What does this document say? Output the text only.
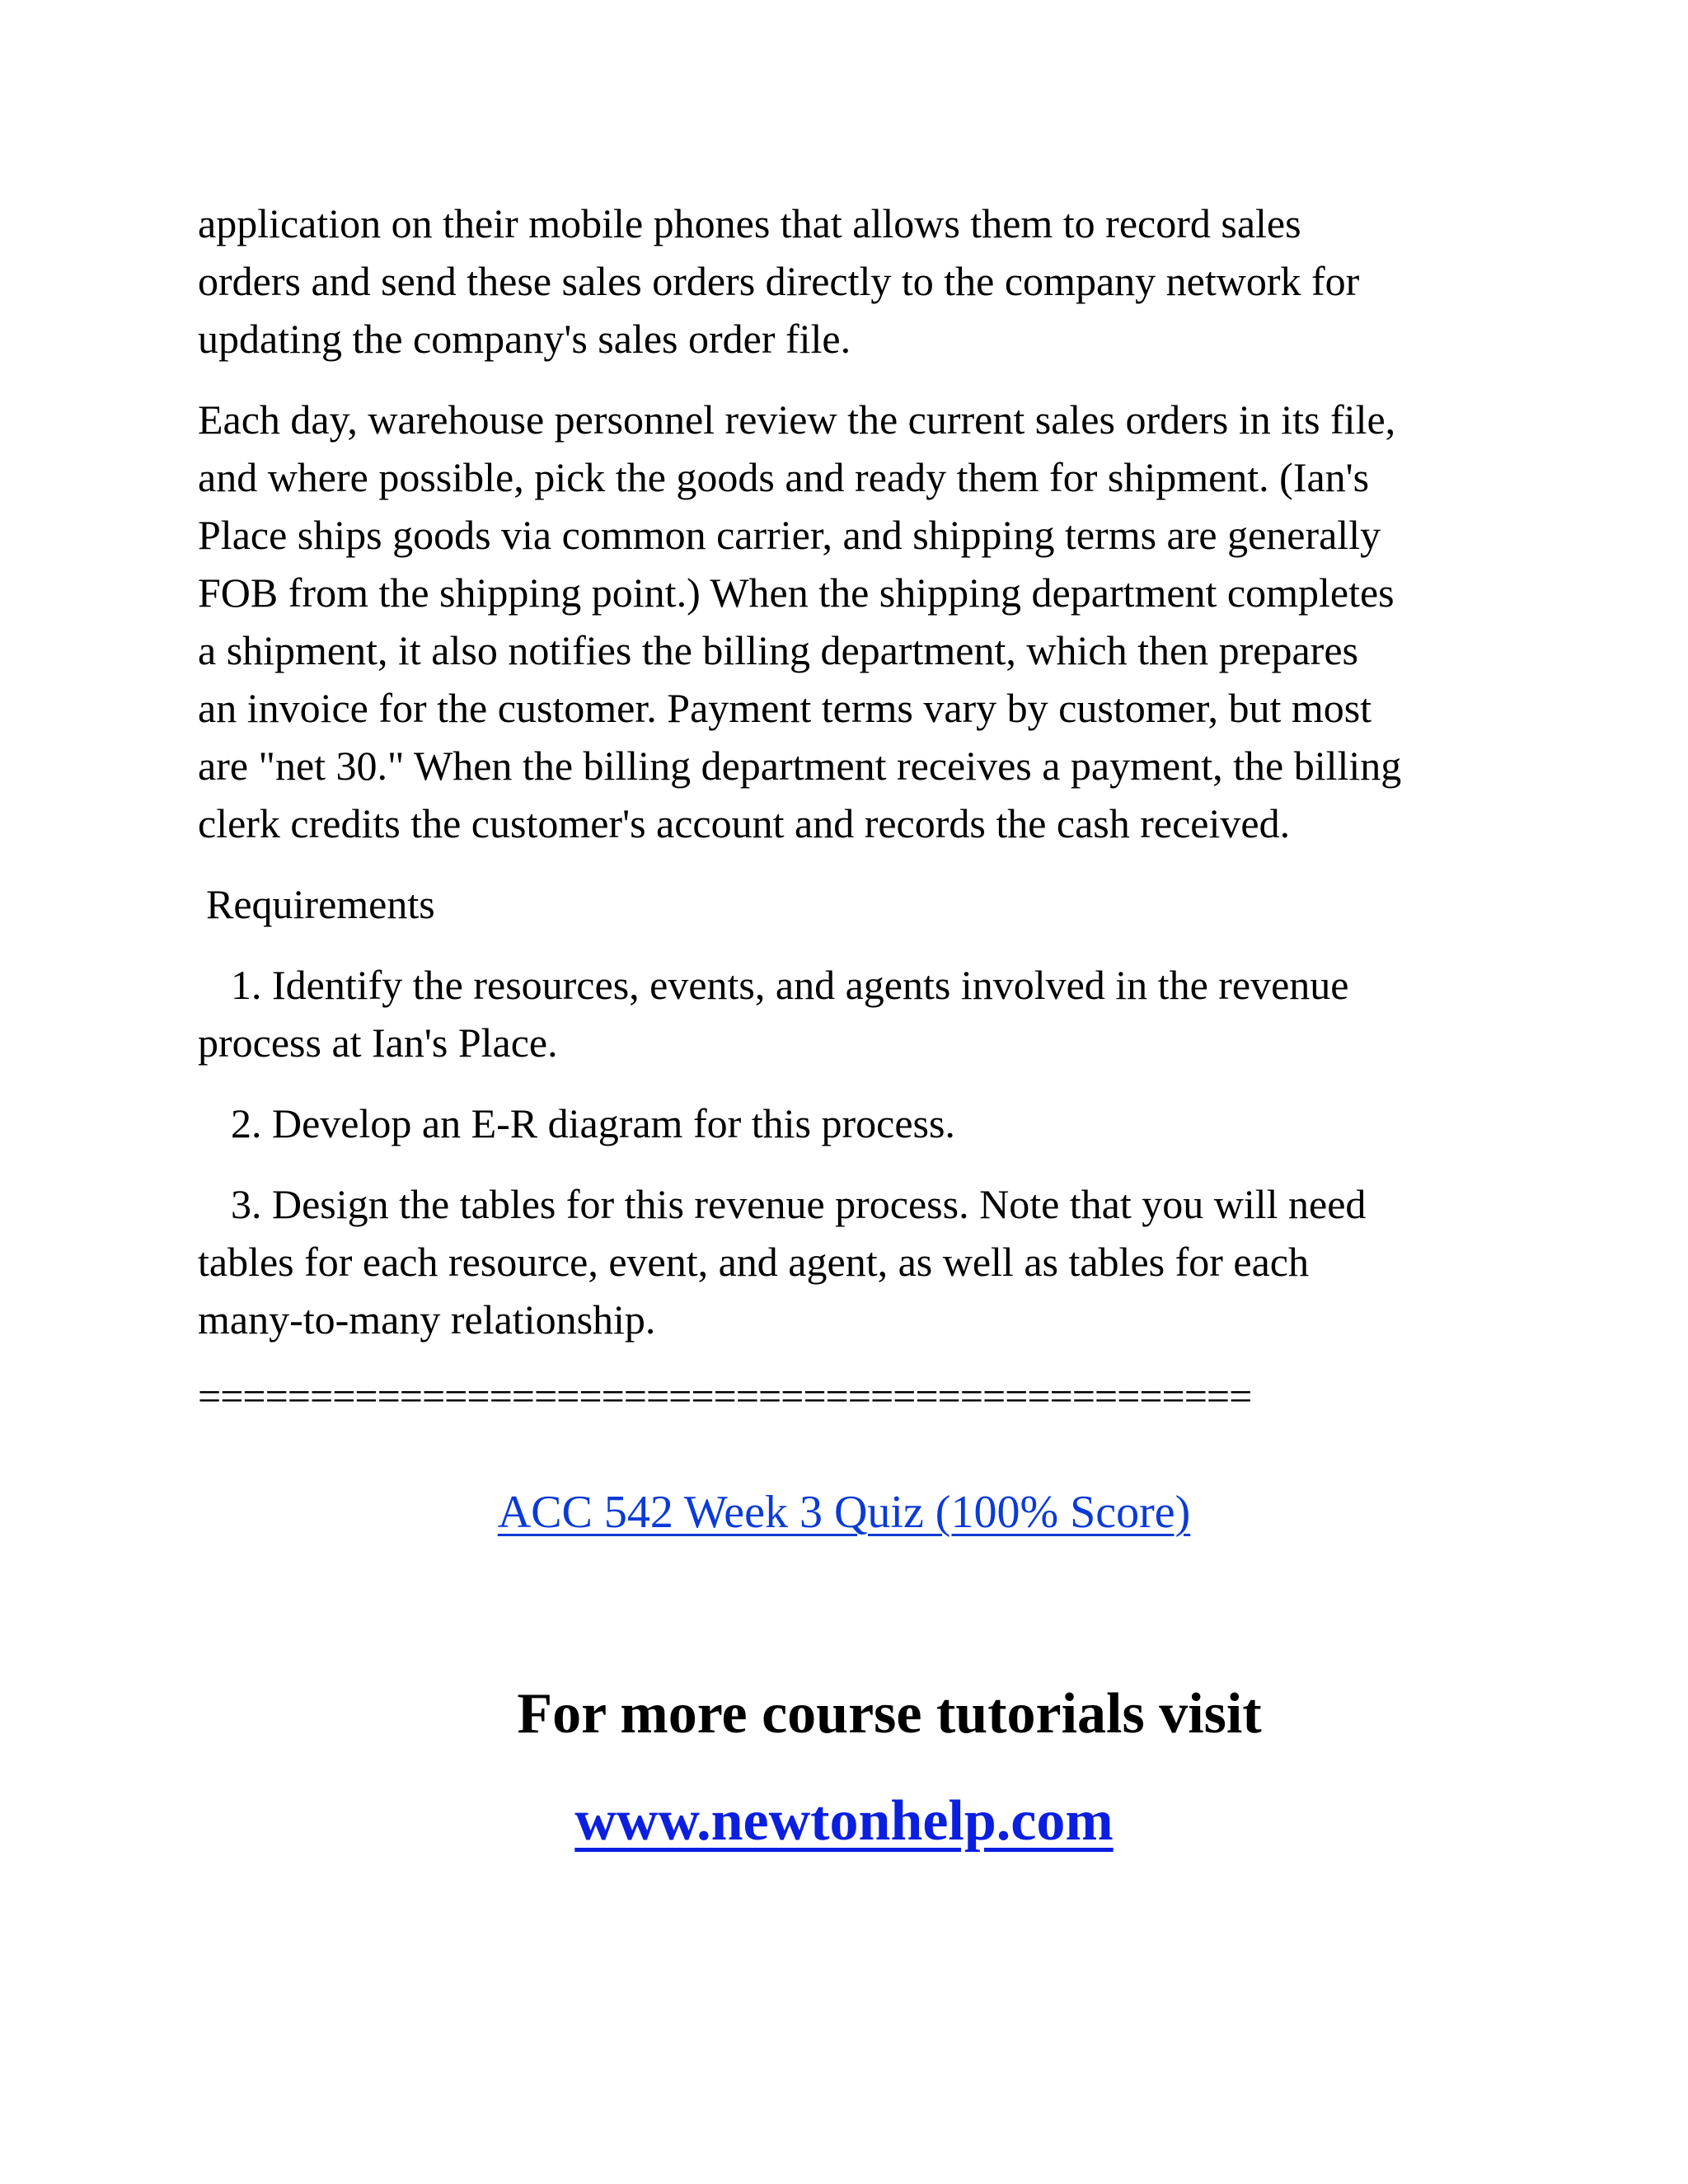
application on their mobile phones that allows them to record sales
orders and send these sales orders directly to the company network for
updating the company's sales order file.

Each day, warehouse personnel review the current sales orders in its file,
and where possible, pick the goods and ready them for shipment. (Ian's
Place ships goods via common carrier, and shipping terms are generally
FOB from the shipping point.) When the shipping department completes
a shipment, it also notifies the billing department, which then prepares
an invoice for the customer. Payment terms vary by customer, but most
are "net 30." When the billing department receives a payment, the billing
clerk credits the customer's account and records the cash received.

Requirements

1. Identify the resources, events, and agents involved in the revenue
process at Ian's Place.

2. Develop an E-R diagram for this process.

3. Design the tables for this revenue process. Note that you will need
tables for each resource, event, and agent, as well as tables for each
many-to-many relationship.

===============================================

ACC 542 Week 3 Quiz (100% Score)
For more course tutorials visit
www.newtonhelp.com
